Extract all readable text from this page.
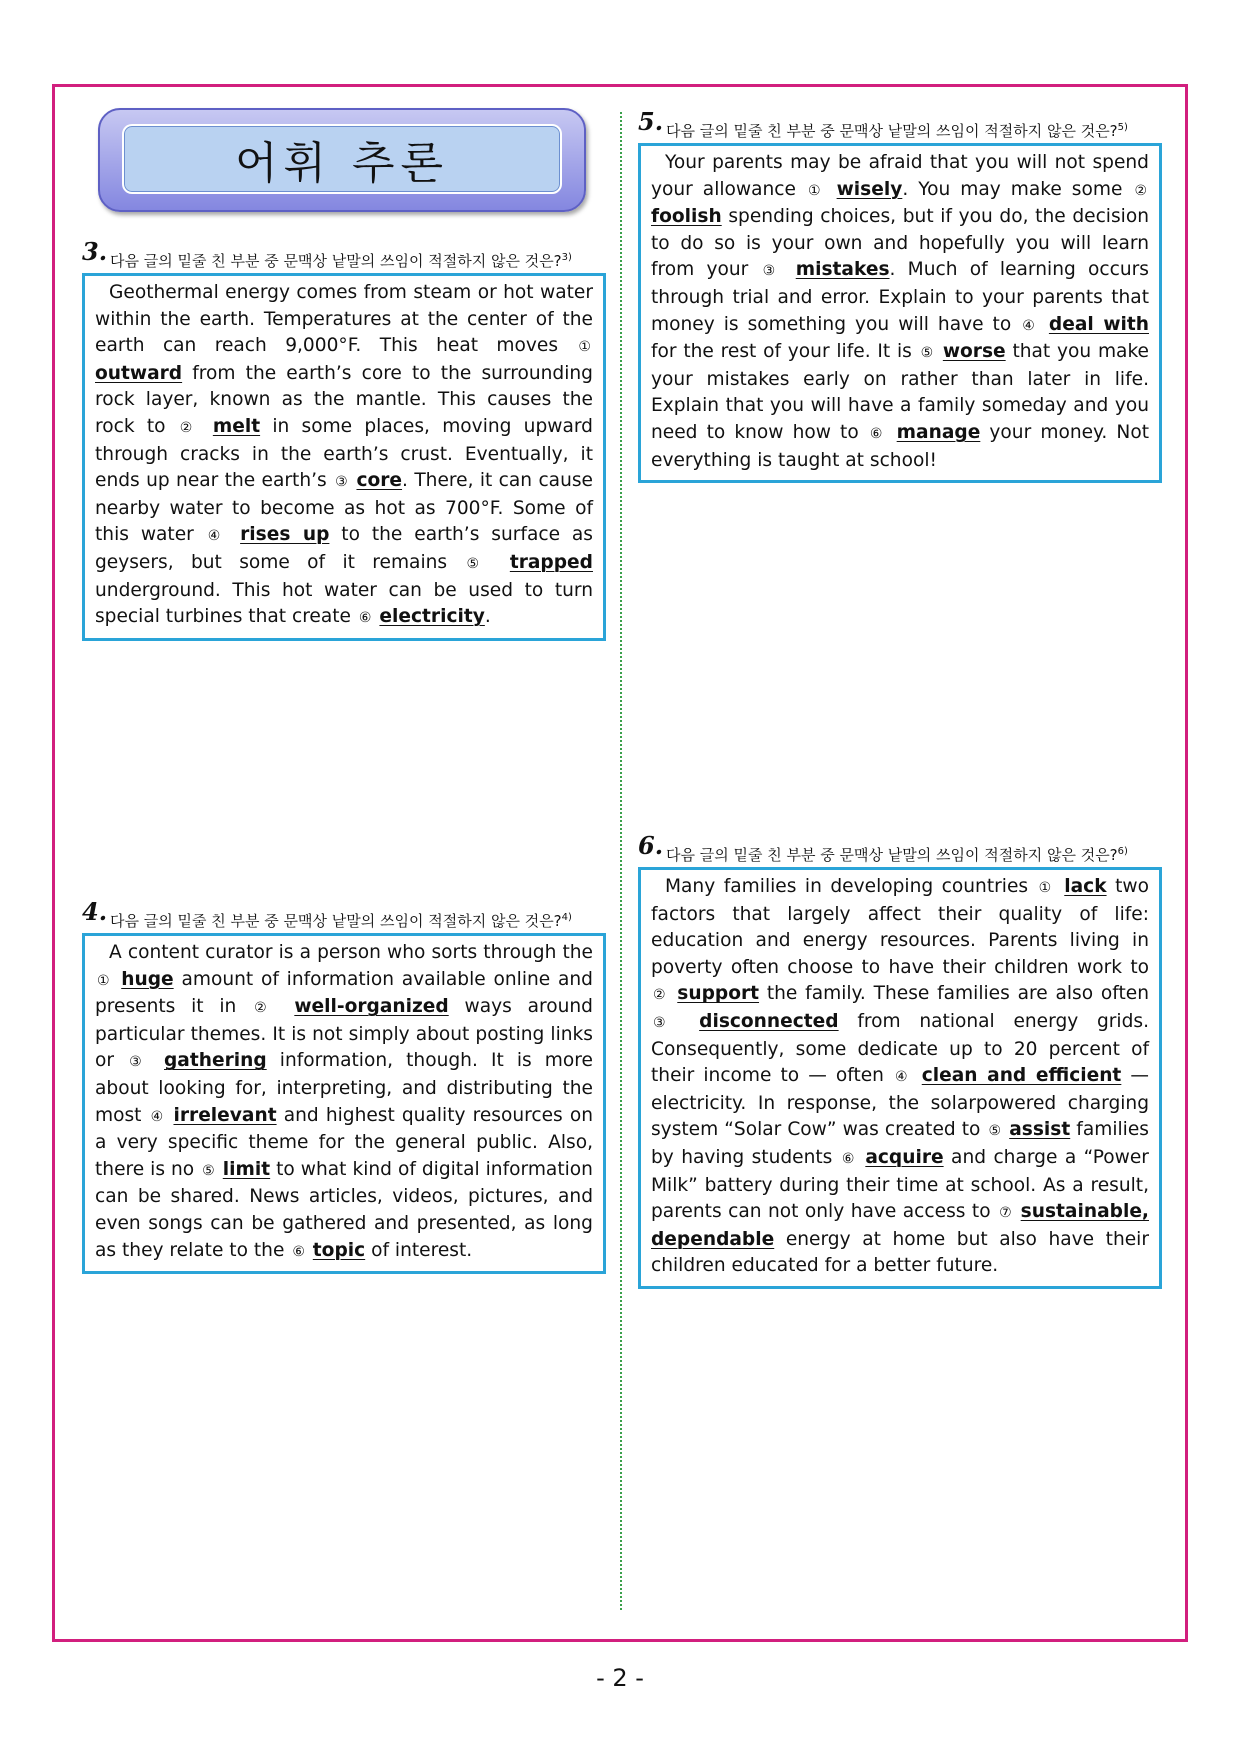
어휘 추론
3. 다음 글의 밑줄 친 부분 중 문맥상 낱말의 쓰임이 적절하지 않은 것은?$^{3)}$

Geothermal energy comes from steam or hot water within the earth. Temperatures at the center of the earth can reach 9,000°F. This heat moves ① outward from the earth’s core to the surrounding rock layer, known as the mantle. This causes the rock to ② melt in some places, moving upward through cracks in the earth’s crust. Eventually, it ends up near the earth’s ③ core. There, it can cause nearby water to become as hot as 700°F. Some of this water ④ rises up to the earth’s surface as geysers, but some of it remains ⑤ trapped underground. This hot water can be used to turn special turbines that create ⑥ electricity.

4. 다음 글의 밑줄 친 부분 중 문맥상 낱말의 쓰임이 적절하지 않은 것은?$^{4)}$

A content curator is a person who sorts through the ① huge amount of information available online and presents it in ② well-organized ways around particular themes. It is not simply about posting links or ③ gathering information, though. It is more about looking for, interpreting, and distributing the most ④ irrelevant and highest quality resources on a very specific theme for the general public. Also, there is no ⑤ limit to what kind of digital information can be shared. News articles, videos, pictures, and even songs can be gathered and presented, as long as they relate to the ⑥ topic of interest.

5. 다음 글의 밑줄 친 부분 중 문맥상 낱말의 쓰임이 적절하지 않은 것은?$^{5)}$

Your parents may be afraid that you will not spend your allowance ① wisely. You may make some ② foolish spending choices, but if you do, the decision to do so is your own and hopefully you will learn from your ③ mistakes. Much of learning occurs through trial and error. Explain to your parents that money is something you will have to ④ deal with for the rest of your life. It is ⑤ worse that you make your mistakes early on rather than later in life. Explain that you will have a family someday and you need to know how to ⑥ manage your money. Not everything is taught at school!

6. 다음 글의 밑줄 친 부분 중 문맥상 낱말의 쓰임이 적절하지 않은 것은?$^{6)}$

Many families in developing countries ① lack two factors that largely affect their quality of life: education and energy resources. Parents living in poverty often choose to have their children work to ② support the family. These families are also often ③ disconnected from national energy grids. Consequently, some dedicate up to 20 percent of their income to — often ④ clean and efficient — electricity. In response, the solarpowered charging system “Solar Cow” was created to ⑤ assist families by having students ⑥ acquire and charge a “Power Milk” battery during their time at school. As a result, parents can not only have access to ⑦ sustainable, dependable energy at home but also have their children educated for a better future.

- 2 -
